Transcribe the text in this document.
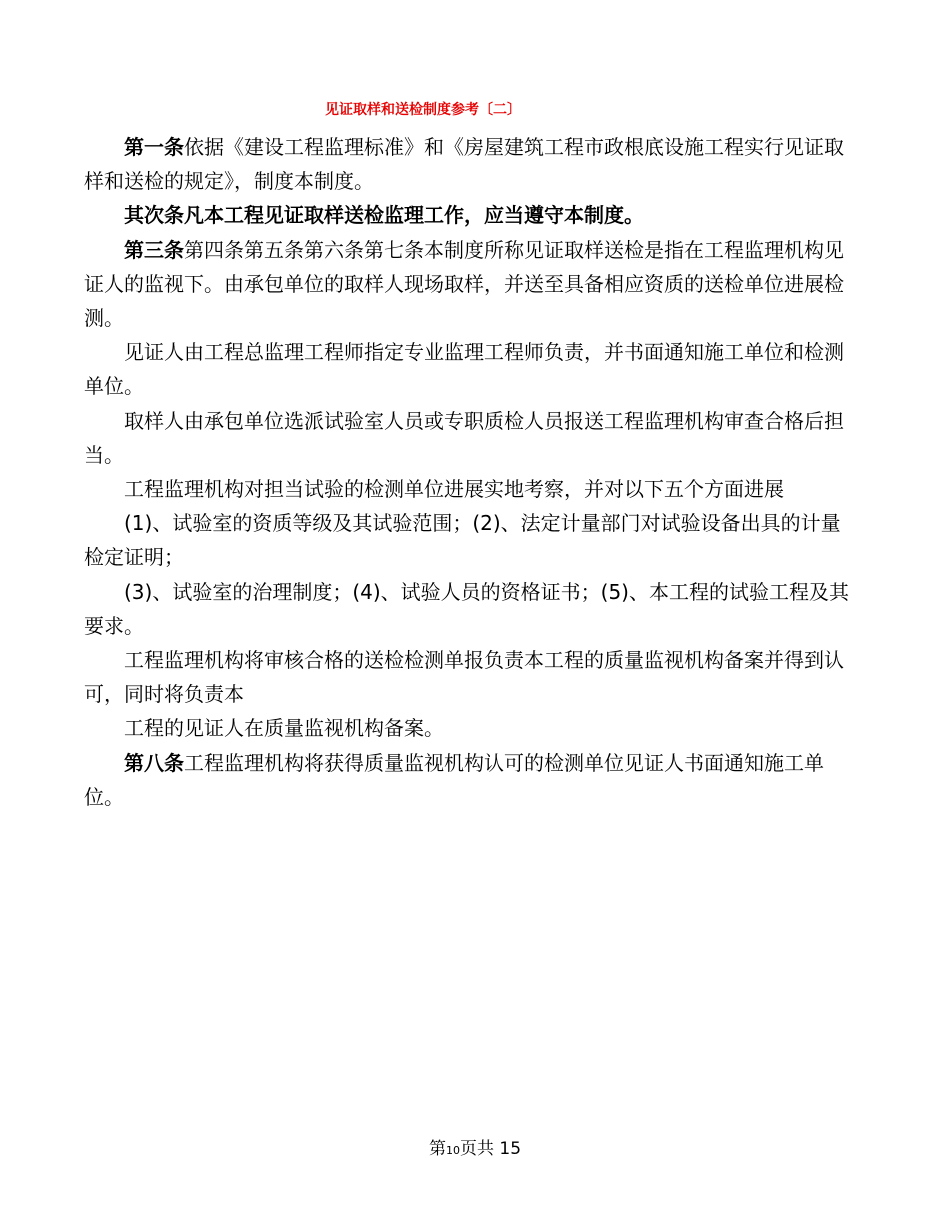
见证取样和送检制度参考〔二〕

第一条依据《建设工程监理标准》和《房屋建筑工程市政根底设施工程实行见证取样和送检的规定》，制度本制度。

其次条凡本工程见证取样送检监理工作，应当遵守本制度。

第三条第四条第五条第六条第七条本制度所称见证取样送检是指在工程监理机构见证人的监视下。由承包单位的取样人现场取样，并送至具备相应资质的送检单位进展检测。

见证人由工程总监理工程师指定专业监理工程师负责，并书面通知施工单位和检测单位。

取样人由承包单位选派试验室人员或专职质检人员报送工程监理机构审查合格后担当。

工程监理机构对担当试验的检测单位进展实地考察，并对以下五个方面进展

(1)、试验室的资质等级及其试验范围；(2)、法定计量部门对试验设备出具的计量检定证明；

(3)、试验室的治理制度；(4)、试验人员的资格证书；(5)、本工程的试验工程及其要求。

工程监理机构将审核合格的送检检测单报负责本工程的质量监视机构备案并得到认可，同时将负责本

工程的见证人在质量监视机构备案。

第八条工程监理机构将获得质量监视机构认可的检测单位见证人书面通知施工单位。

第10页共 15
